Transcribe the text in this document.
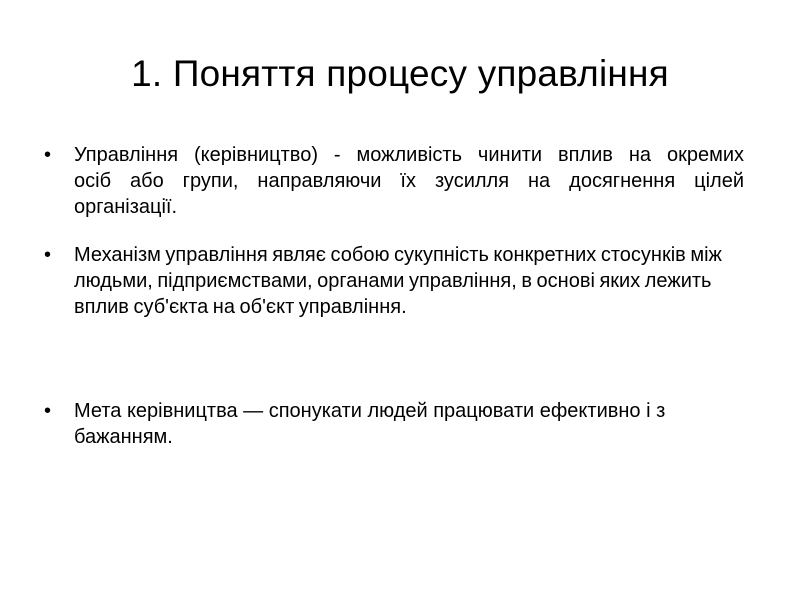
1. Поняття процесу управління
•	Управління (керівництво) - можливість чинити вплив на окремих осіб або групи, направляючи їх зусилля на досягнення цілей організації.
•	Механізм управління являє собою сукупність конкретних стосунків між людьми, підприємствами, органами управління, в основі яких лежить вплив суб'єкта на об'єкт управління.
•	Мета керівництва — спонукати людей працювати ефективно і з бажанням.
